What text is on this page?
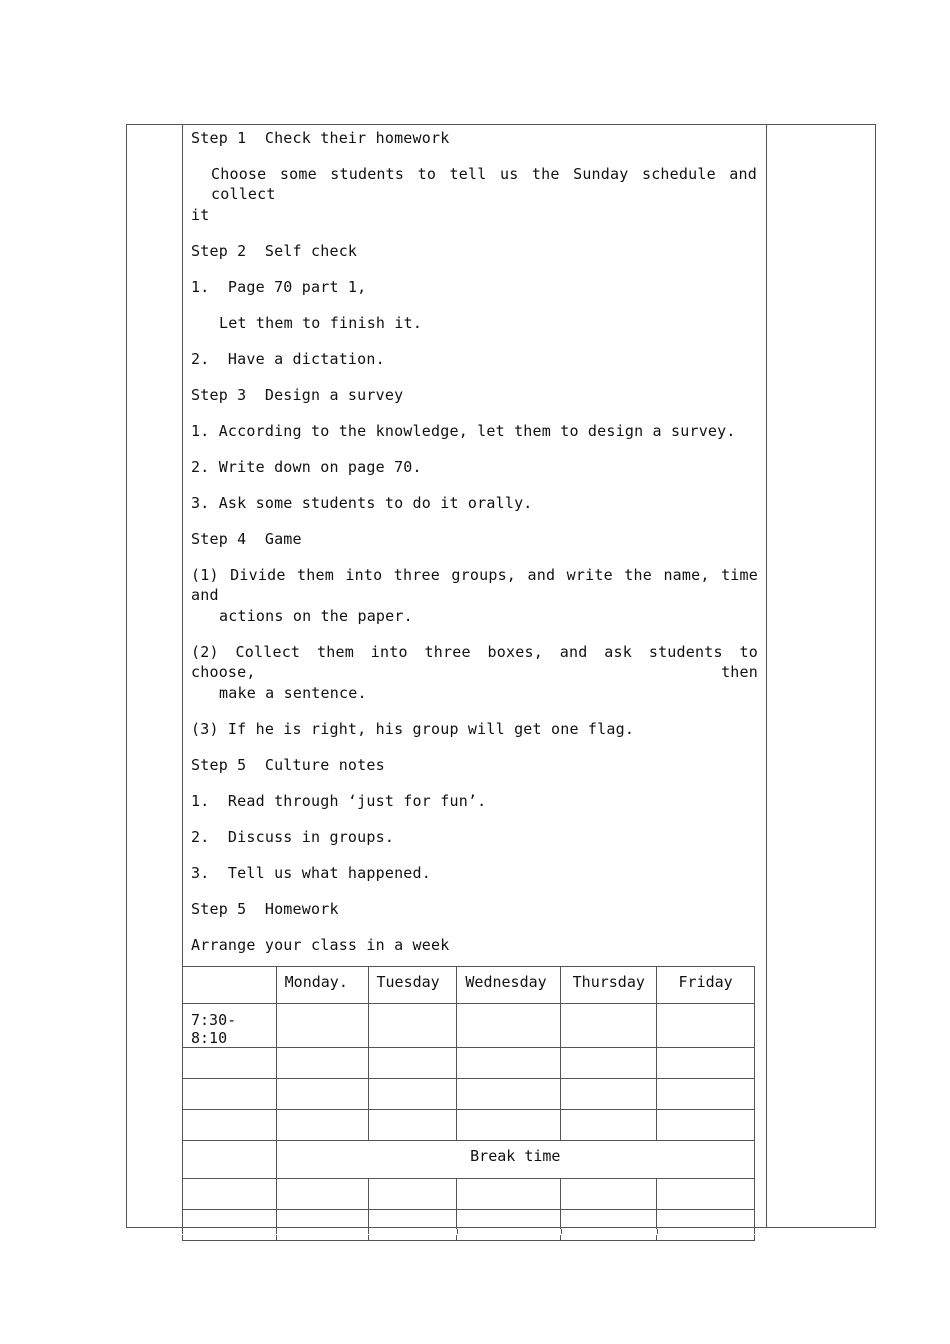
Step 1  Check their homework
Choose some students to tell us the Sunday schedule and collect
it
Step 2  Self check
1.  Page 70 part 1,
Let them to finish it.
2.  Have a dictation.
Step 3  Design a survey
1. According to the knowledge, let them to design a survey.
2. Write down on page 70.
3. Ask some students to do it orally.
Step 4  Game
(1) Divide them into three groups, and write the name, time and
actions on the paper.
(2) Collect them into three boxes, and ask students to choose, then
make a sentence.
(3) If he is right, his group will get one flag.
Step 5  Culture notes
1.  Read through ‘just for fun’.
2.  Discuss in groups.
3.  Tell us what happened.
Step 5  Homework
Arrange your class in a week
	Monday.	Tuesday	Wednesday	Thursday	Friday
7:30-8:10					

	Break time				
